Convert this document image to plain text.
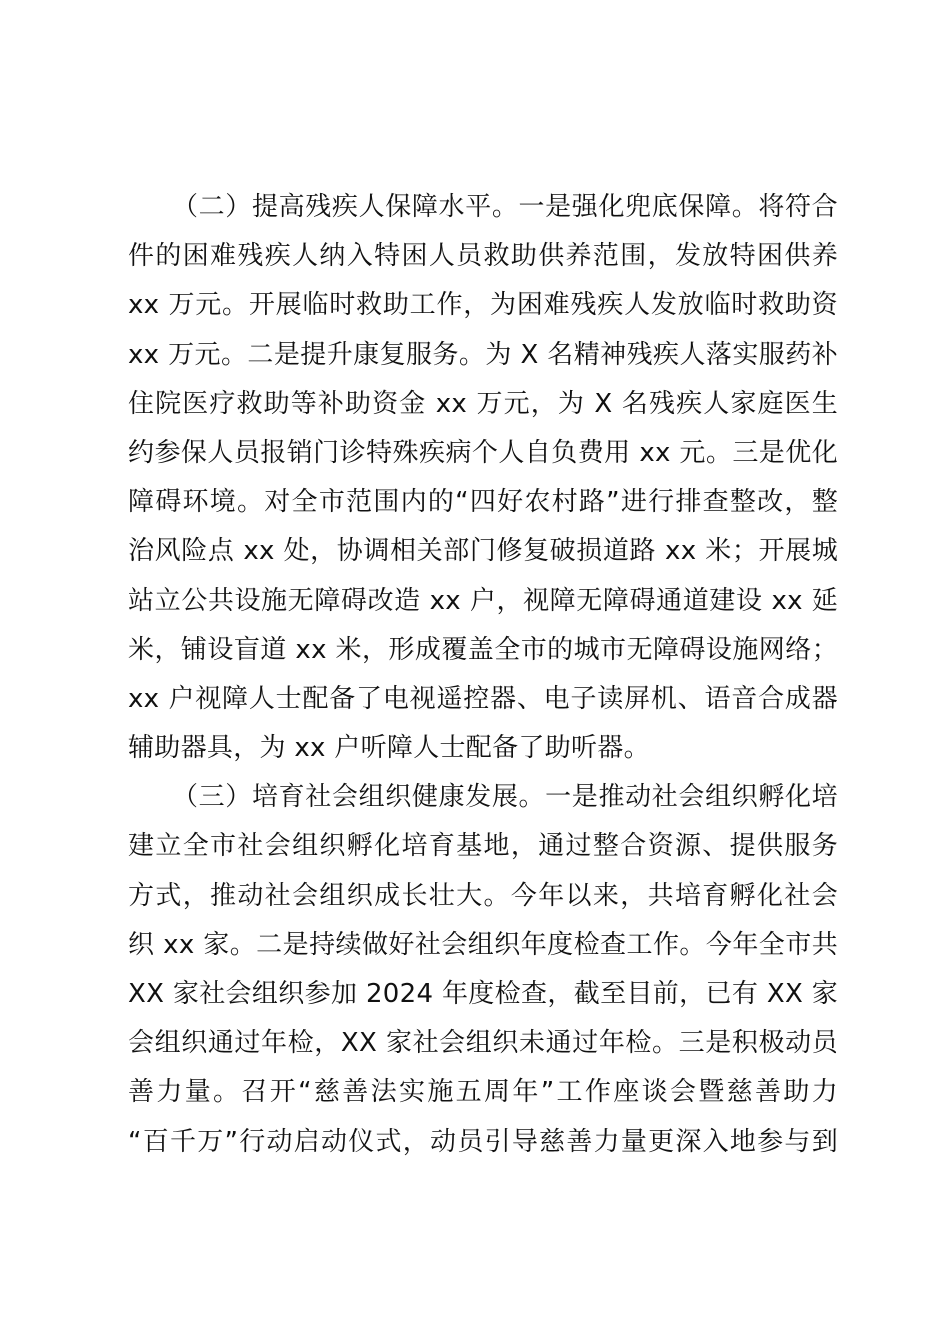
（二）提高残疾人保障水平。一是强化兜底保障。将符合
件的困难残疾人纳入特困人员救助供养范围，发放特困供养
xx 万元。开展临时救助工作，为困难残疾人发放临时救助资
xx 万元。二是提升康复服务。为 X 名精神残疾人落实服药补
住院医疗救助等补助资金 xx 万元，为 X 名残疾人家庭医生
约参保人员报销门诊特殊疾病个人自负费用 xx 元。三是优化
障碍环境。对全市范围内的“四好农村路”进行排查整改，整
治风险点 xx 处，协调相关部门修复破损道路 xx 米；开展城
站立公共设施无障碍改造 xx 户，视障无障碍通道建设 xx 延
米，铺设盲道 xx 米，形成覆盖全市的城市无障碍设施网络；
xx 户视障人士配备了电视遥控器、电子读屏机、语音合成器
辅助器具，为 xx 户听障人士配备了助听器。
（三）培育社会组织健康发展。一是推动社会组织孵化培
建立全市社会组织孵化培育基地，通过整合资源、提供服务
方式，推动社会组织成长壮大。今年以来，共培育孵化社会
织 xx 家。二是持续做好社会组织年度检查工作。今年全市共
XX 家社会组织参加 2024 年度检查，截至目前，已有 XX 家
会组织通过年检，XX 家社会组织未通过年检。三是积极动员
善力量。召开“慈善法实施五周年”工作座谈会暨慈善助力
“百千万”行动启动仪式，动员引导慈善力量更深入地参与到
